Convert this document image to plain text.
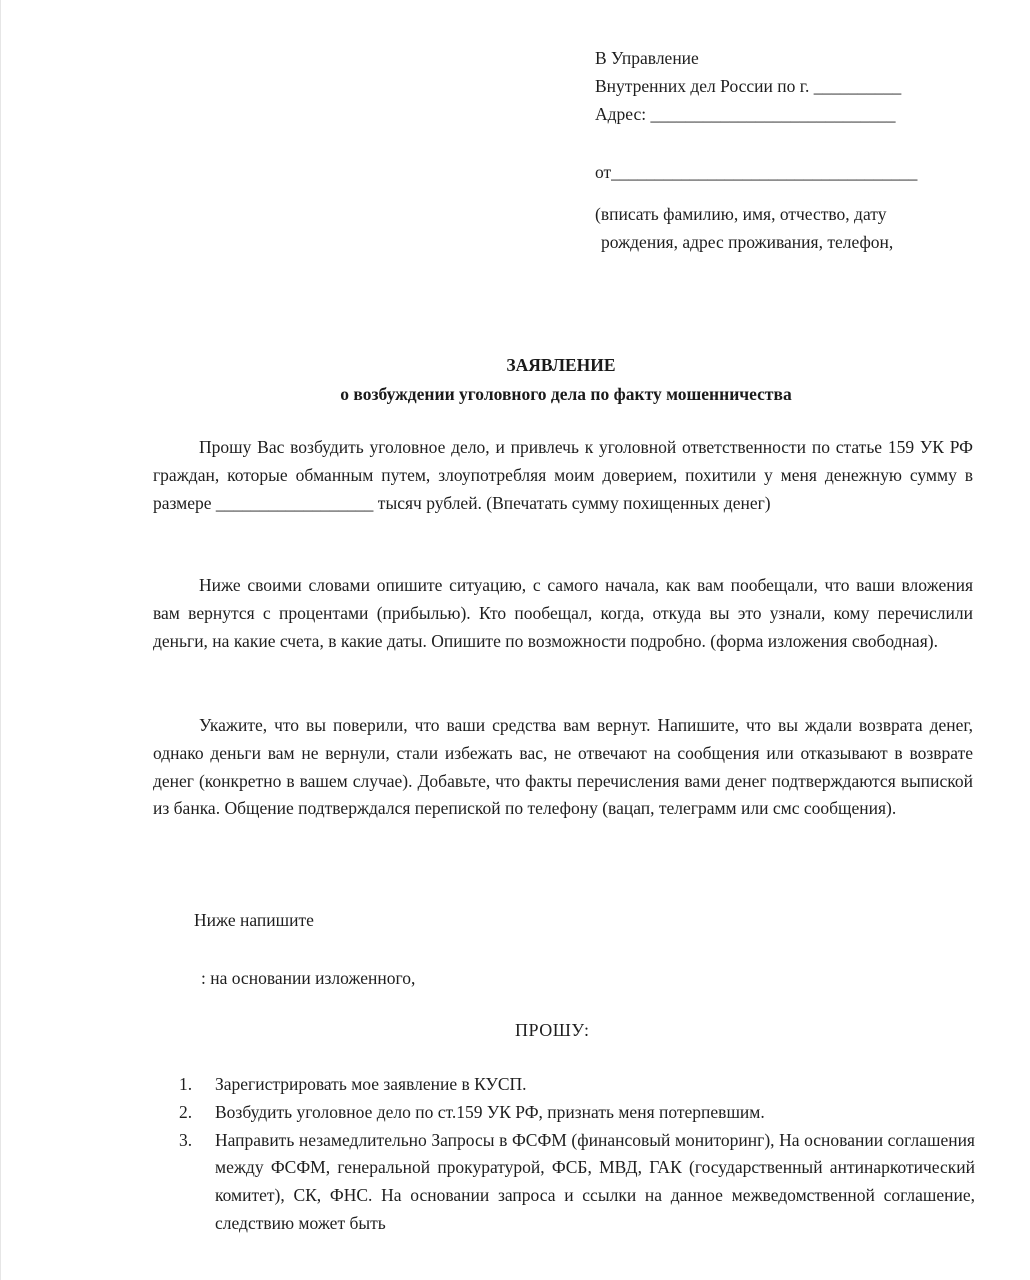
В Управление
Внутренних дел России по г. __________
Адрес: ____________________________
от___________________________________
(вписать фамилию, имя, отчество, дату
рождения, адрес проживания, телефон,
ЗАЯВЛЕНИЕ
о возбуждении уголовного дела по факту мошенничества

Прошу Вас возбудить уголовное дело, и привлечь к уголовной ответственности по статье 159 УК РФ граждан, которые обманным путем, злоупотребляя моим доверием, похитили у меня денежную сумму в размере __________________ тысяч рублей. (Впечатать сумму похищенных денег)

Ниже своими словами опишите ситуацию, с самого начала, как вам пообещали, что ваши вложения вам вернутся с процентами (прибылью). Кто пообещал, когда, откуда вы это узнали, кому перечислили деньги, на какие счета, в какие даты. Опишите по возможности подробно. (форма изложения свободная).

Укажите, что вы поверили, что ваши средства вам вернут. Напишите, что вы ждали возврата денег, однако деньги вам не вернули, стали избежать вас, не отвечают на сообщения или отказывают в возврате денег (конкретно в вашем случае). Добавьте, что факты перечисления вами денег подтверждаются выпиской из банка. Общение подтверждался перепиской по телефону (вацап, телеграмм или смс сообщения).

Ниже напишите
: на основании изложенного,
ПРОШУ:
1.	Зарегистрировать мое заявление в КУСП.
2.	Возбудить уголовное дело по ст.159 УК РФ, признать меня потерпевшим.
3.	Направить незамедлительно Запросы в ФСФМ (финансовый мониторинг), На основании соглашения между ФСФМ, генеральной прокуратурой, ФСБ, МВД, ГАК (государственный антинаркотический комитет), СК, ФНС. На основании запроса и ссылки на данное межведомственной соглашение, следствию может быть
